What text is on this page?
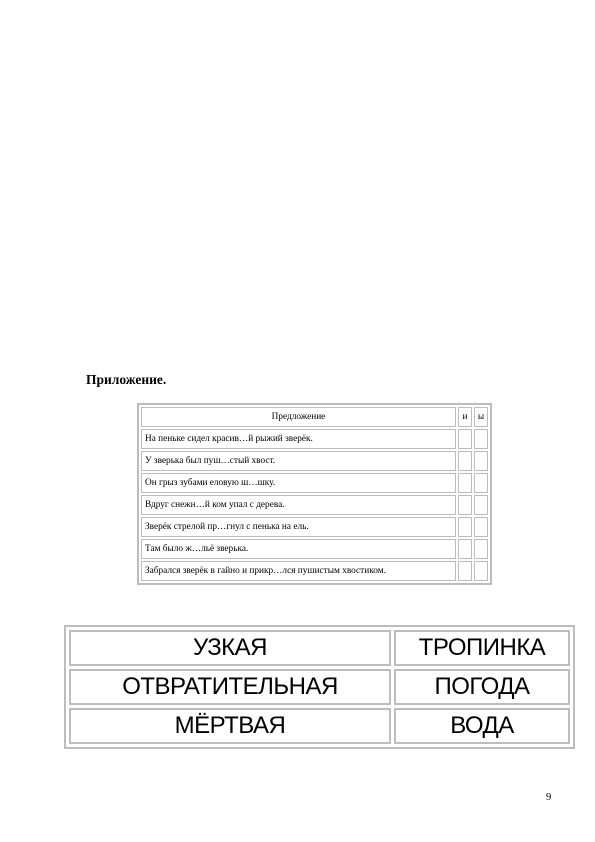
Приложение.
Предложение	и	ы
На пеньке сидел красив…й рыжий зверёк.		
У зверька был пуш…стый хвост.		
Он грыз зубами еловую ш…шку.		
Вдруг снежн…й ком упал с дерева.		
Зверёк стрелой пр…гнул с пенька на ель.		
Там было ж…льё зверька.		
Забрался зверёк в гайно и прикр…лся пушистым хвостиком.		
УЗКАЯ	ТРОПИНКА
ОТВРАТИТЕЛЬНАЯ	ПОГОДА
МЁРТВАЯ	ВОДА
9
